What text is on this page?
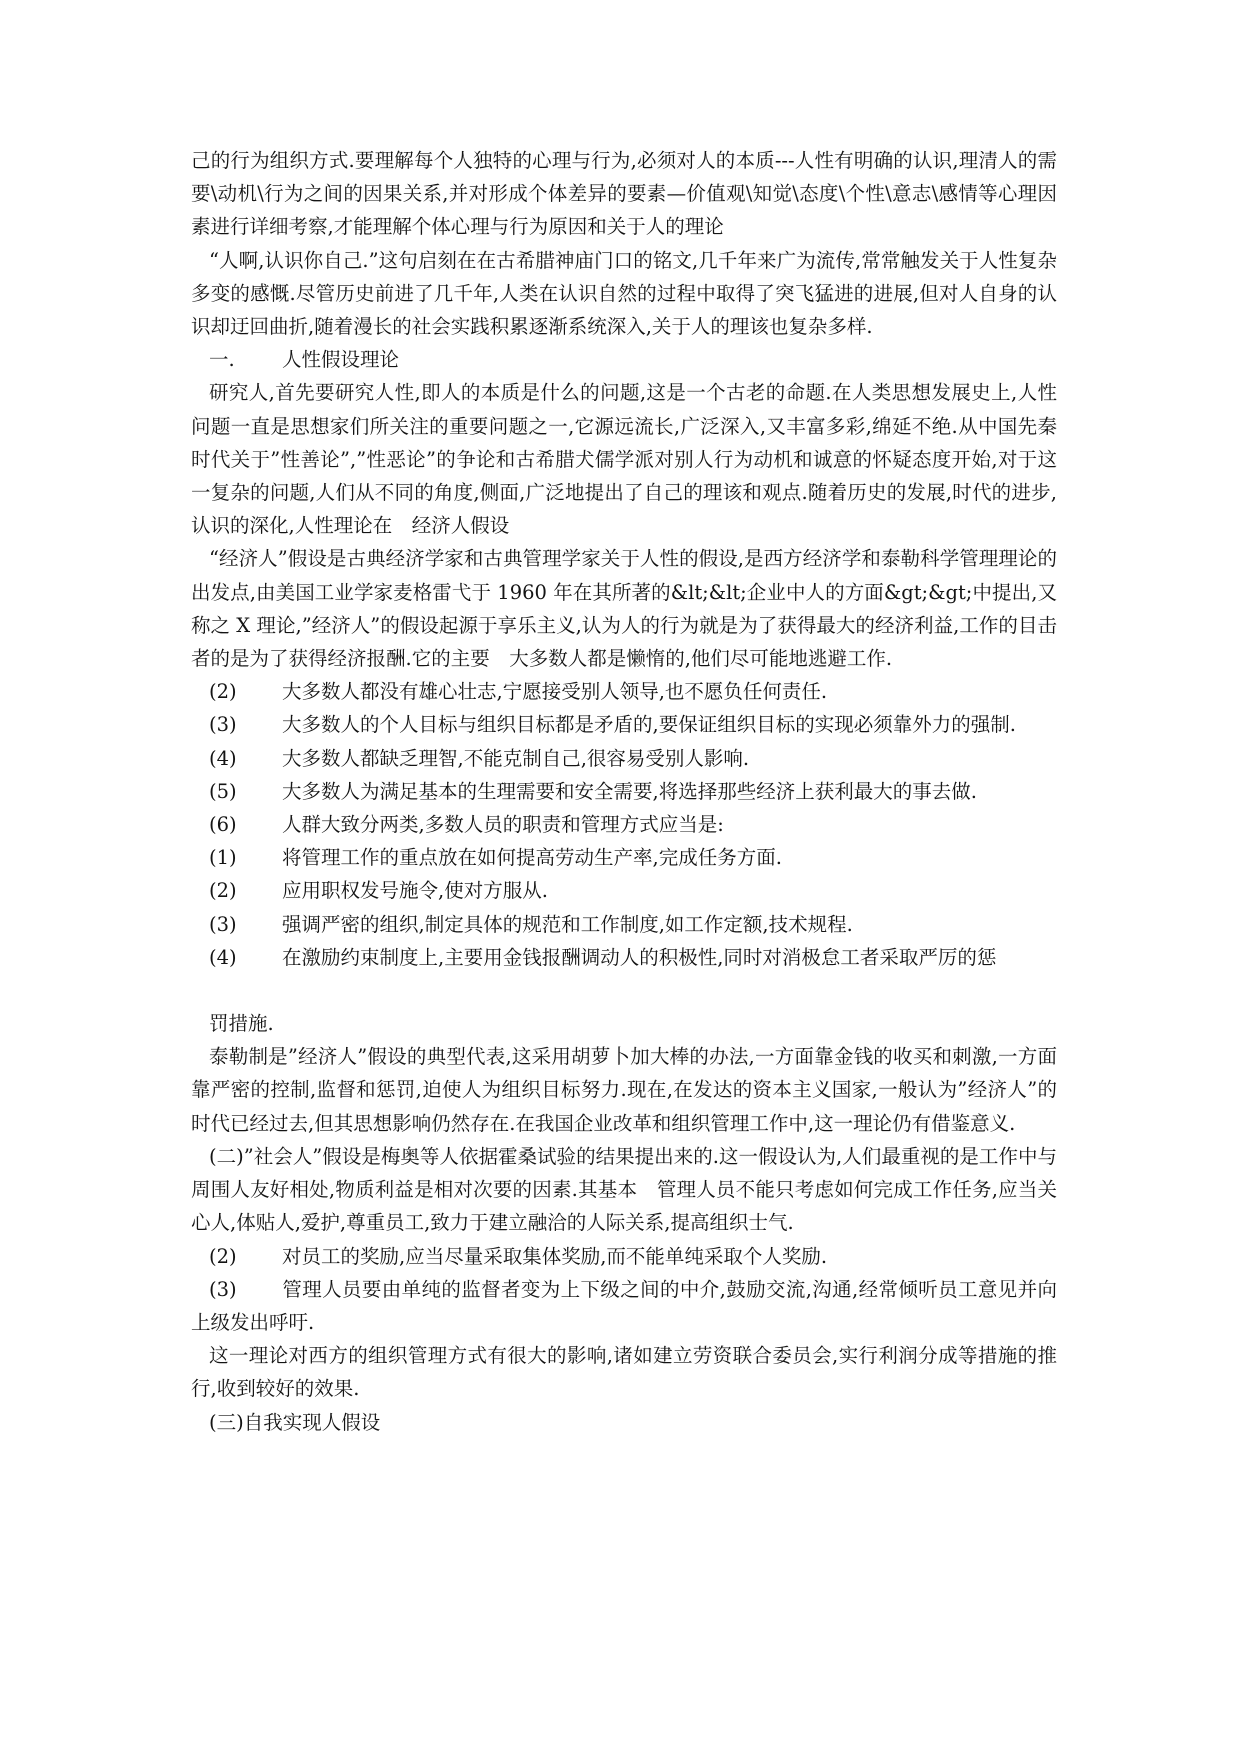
己的行为组织方式.要理解每个人独特的心理与行为,必须对人的本质---人性有明确的认识,理清人的需要\动机\行为之间的因果关系,并对形成个体差异的要素—价值观\知觉\态度\个性\意志\感情等心理因素进行详细考察,才能理解个体心理与行为原因和关于人的理论

“人啊,认识你自己.”这句启刻在在古希腊神庙门口的铭文,几千年来广为流传,常常触发关于人性复杂多变的感慨.尽管历史前进了几千年,人类在认识自然的过程中取得了突飞猛进的进展,但对人自身的认识却迂回曲折,随着漫长的社会实践积累逐渐系统深入,关于人的理该也复杂多样.

一. 人性假设理论

研究人,首先要研究人性,即人的本质是什么的问题,这是一个古老的命题.在人类思想发展史上,人性问题一直是思想家们所关注的重要问题之一,它源远流长,广泛深入,又丰富多彩,绵延不绝.从中国先秦时代关于”性善论”,”性恶论”的争论和古希腊犬儒学派对别人行为动机和诚意的怀疑态度开始,对于这一复杂的问题,人们从不同的角度,侧面,广泛地提出了自己的理该和观点.随着历史的发展,时代的进步,认识的深化,人性理论在　经济人假设

“经济人”假设是古典经济学家和古典管理学家关于人性的假设,是西方经济学和泰勒科学管理理论的出发点,由美国工业学家麦格雷弋于 1960 年在其所著的&lt;&lt;企业中人的方面&gt;&gt;中提出,又称之 X 理论,”经济人”的假设起源于享乐主义,认为人的行为就是为了获得最大的经济利益,工作的目击者的是为了获得经济报酬.它的主要　大多数人都是懒惰的,他们尽可能地逃避工作.

(2)	大多数人都没有雄心壮志,宁愿接受别人领导,也不愿负任何责任.

(3) 大多数人的个人目标与组织目标都是矛盾的,要保证组织目标的实现必须靠外力的强制.

(4)	大多数人都缺乏理智,不能克制自己,很容易受别人影响.

(5)	大多数人为满足基本的生理需要和安全需要,将选择那些经济上获利最大的事去做.

(6)	人群大致分两类,多数人员的职责和管理方式应当是:

(1)	将管理工作的重点放在如何提高劳动生产率,完成任务方面.

(2)	应用职权发号施令,使对方服从.

(3)	强调严密的组织,制定具体的规范和工作制度,如工作定额,技术规程.

(4) 在激励约束制度上,主要用金钱报酬调动人的积极性,同时对消极怠工者采取严厉的惩

罚措施.

泰勒制是”经济人”假设的典型代表,这采用胡萝卜加大棒的办法,一方面靠金钱的收买和刺激,一方面靠严密的控制,监督和惩罚,迫使人为组织目标努力.现在,在发达的资本主义国家,一般认为”经济人”的时代已经过去,但其思想影响仍然存在.在我国企业改革和组织管理工作中,这一理论仍有借鉴意义.

(二)”社会人”假设是梅奥等人依据霍桑试验的结果提出来的.这一假设认为,人们最重视的是工作中与周围人友好相处,物质利益是相对次要的因素.其基本　管理人员不能只考虑如何完成工作任务,应当关心人,体贴人,爱护,尊重员工,致力于建立融洽的人际关系,提高组织士气.

(2)	对员工的奖励,应当尽量采取集体奖励,而不能单纯采取个人奖励.

(3) 管理人员要由单纯的监督者变为上下级之间的中介,鼓励交流,沟通,经常倾听员工意见并向上级发出呼吁.

这一理论对西方的组织管理方式有很大的影响,诸如建立劳资联合委员会,实行利润分成等措施的推行,收到较好的效果.

(三)自我实现人假设
